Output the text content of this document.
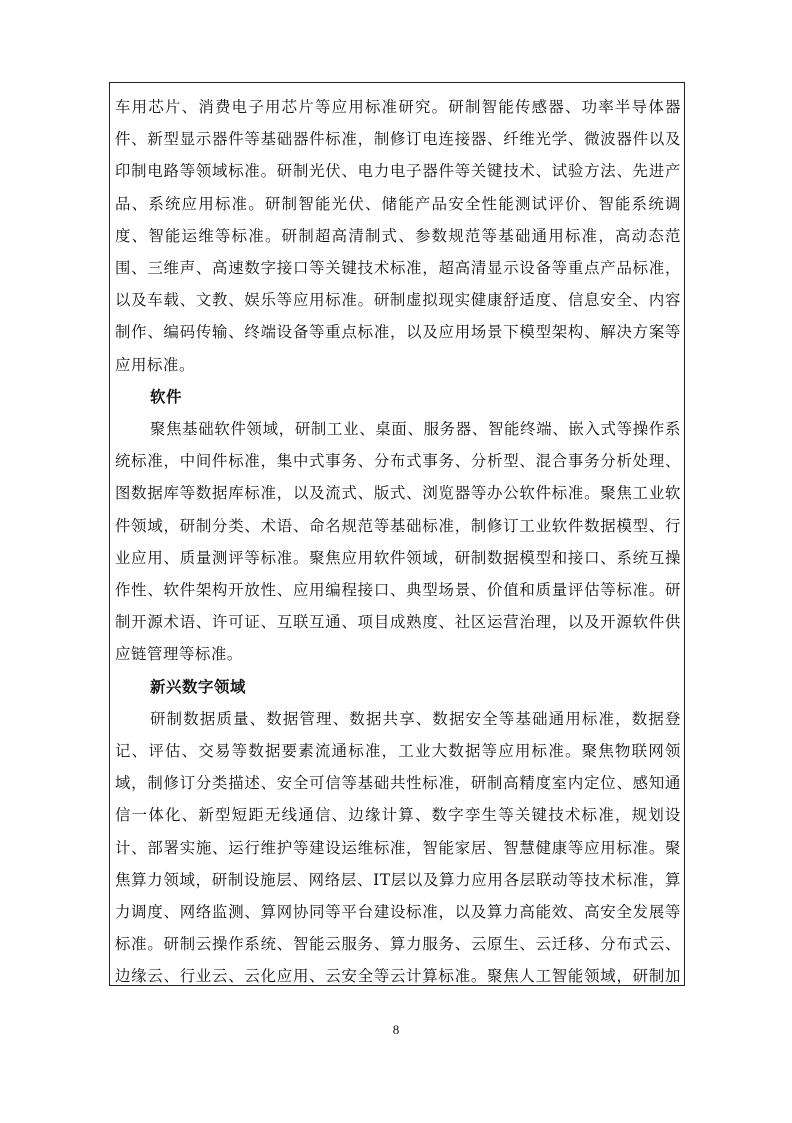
车用芯片、消费电子用芯片等应用标准研究。研制智能传感器、功率半导体器件、新型显示器件等基础器件标准，制修订电连接器、纤维光学、微波器件以及印制电路等领域标准。研制光伏、电力电子器件等关键技术、试验方法、先进产品、系统应用标准。研制智能光伏、储能产品安全性能测试评价、智能系统调度、智能运维等标准。研制超高清制式、参数规范等基础通用标准，高动态范围、三维声、高速数字接口等关键技术标准，超高清显示设备等重点产品标准，以及车载、文教、娱乐等应用标准。研制虚拟现实健康舒适度、信息安全、内容制作、编码传输、终端设备等重点标准，以及应用场景下模型架构、解决方案等应用标准。

软件

聚焦基础软件领域，研制工业、桌面、服务器、智能终端、嵌入式等操作系统标准，中间件标准，集中式事务、分布式事务、分析型、混合事务分析处理、图数据库等数据库标准，以及流式、版式、浏览器等办公软件标准。聚焦工业软件领域，研制分类、术语、命名规范等基础标准，制修订工业软件数据模型、行业应用、质量测评等标准。聚焦应用软件领域，研制数据模型和接口、系统互操作性、软件架构开放性、应用编程接口、典型场景、价值和质量评估等标准。研制开源术语、许可证、互联互通、项目成熟度、社区运营治理，以及开源软件供应链管理等标准。

新兴数字领域

研制数据质量、数据管理、数据共享、数据安全等基础通用标准，数据登记、评估、交易等数据要素流通标准，工业大数据等应用标准。聚焦物联网领域，制修订分类描述、安全可信等基础共性标准，研制高精度室内定位、感知通信一体化、新型短距无线通信、边缘计算、数字孪生等关键技术标准，规划设计、部署实施、运行维护等建设运维标准，智能家居、智慧健康等应用标准。聚焦算力领域，研制设施层、网络层、IT层以及算力应用各层联动等技术标准，算力调度、网络监测、算网协同等平台建设标准，以及算力高能效、高安全发展等标准。研制云操作系统、智能云服务、算力服务、云原生、云迁移、分布式云、边缘云、行业云、云化应用、云安全等云计算标准。聚焦人工智能领域，研制加

8
